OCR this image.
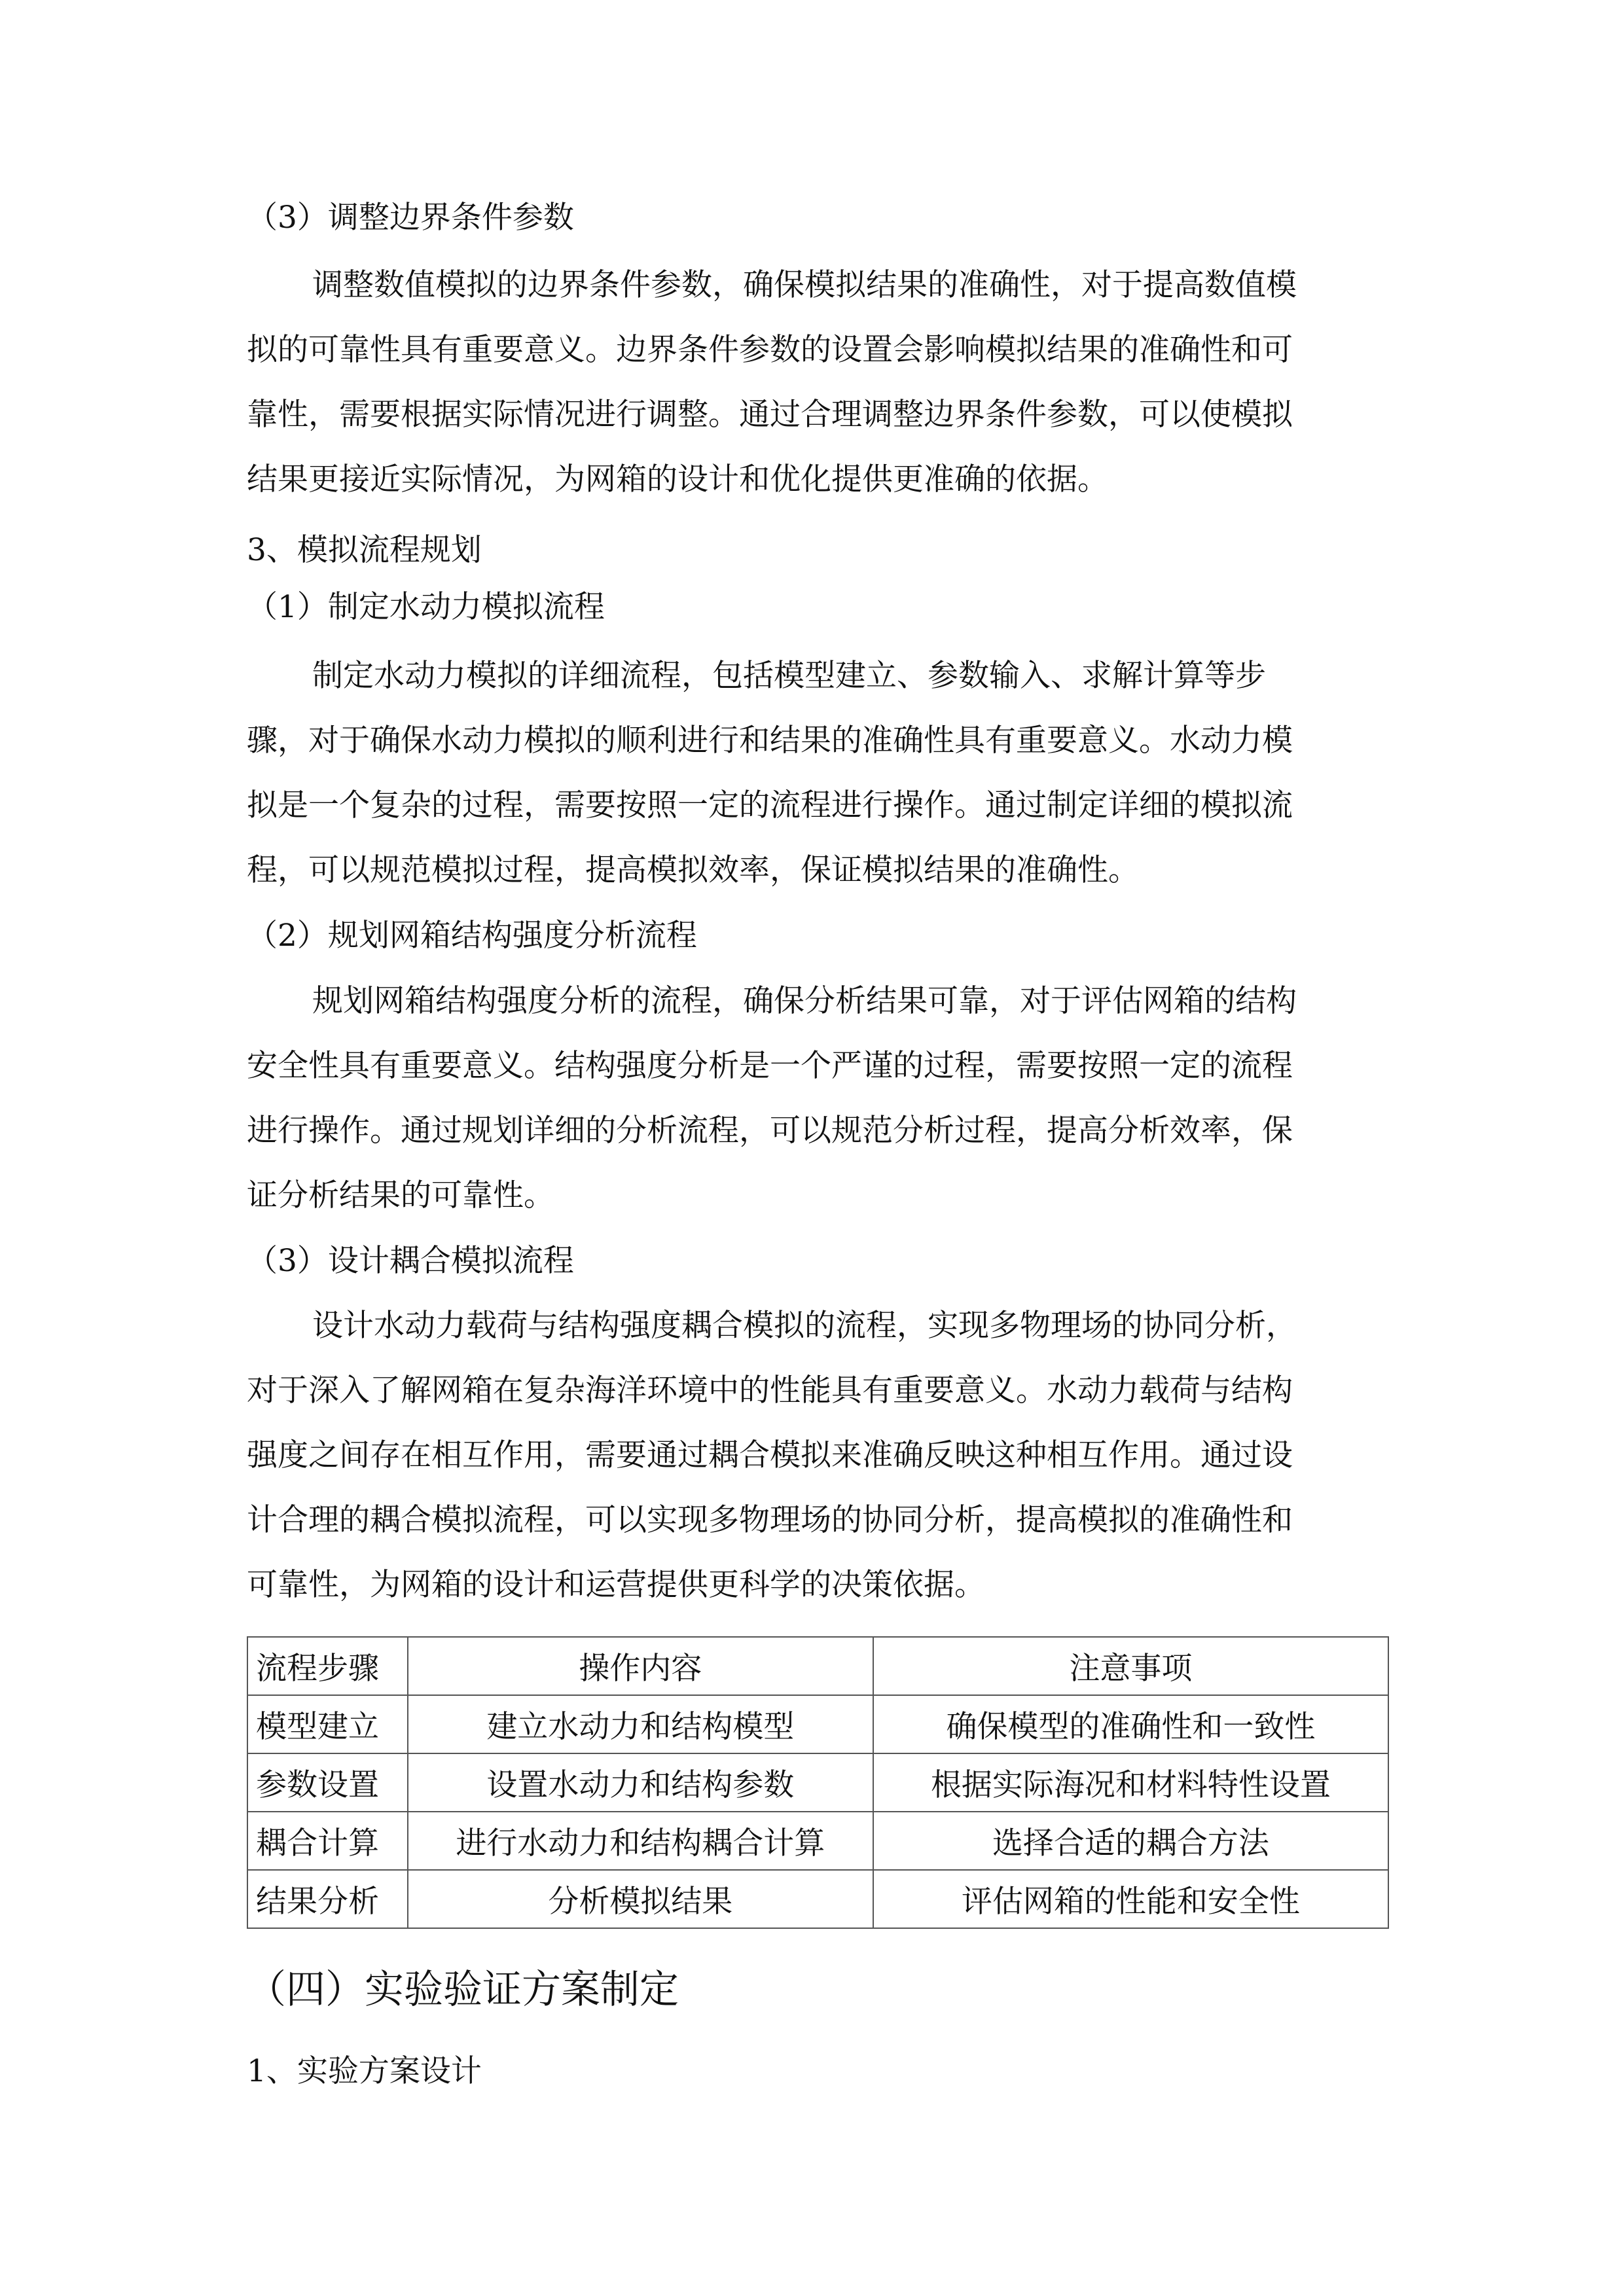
（3）调整边界条件参数

调整数值模拟的边界条件参数，确保模拟结果的准确性，对于提高数值模

拟的可靠性具有重要意义。边界条件参数的设置会影响模拟结果的准确性和可

靠性，需要根据实际情况进行调整。通过合理调整边界条件参数，可以使模拟

结果更接近实际情况，为网箱的设计和优化提供更准确的依据。

3、模拟流程规划

（1）制定水动力模拟流程

制定水动力模拟的详细流程，包括模型建立、参数输入、求解计算等步

骤，对于确保水动力模拟的顺利进行和结果的准确性具有重要意义。水动力模

拟是一个复杂的过程，需要按照一定的流程进行操作。通过制定详细的模拟流

程，可以规范模拟过程，提高模拟效率，保证模拟结果的准确性。

（2）规划网箱结构强度分析流程

规划网箱结构强度分析的流程，确保分析结果可靠，对于评估网箱的结构

安全性具有重要意义。结构强度分析是一个严谨的过程，需要按照一定的流程

进行操作。通过规划详细的分析流程，可以规范分析过程，提高分析效率，保

证分析结果的可靠性。

（3）设计耦合模拟流程

设计水动力载荷与结构强度耦合模拟的流程，实现多物理场的协同分析，

对于深入了解网箱在复杂海洋环境中的性能具有重要意义。水动力载荷与结构

强度之间存在相互作用，需要通过耦合模拟来准确反映这种相互作用。通过设

计合理的耦合模拟流程，可以实现多物理场的协同分析，提高模拟的准确性和

可靠性，为网箱的设计和运营提供更科学的决策依据。

流程步骤	操作内容	注意事项
模型建立	建立水动力和结构模型	确保模型的准确性和一致性
参数设置	设置水动力和结构参数	根据实际海况和材料特性设置
耦合计算	进行水动力和结构耦合计算	选择合适的耦合方法
结果分析	分析模拟结果	评估网箱的性能和安全性
（四）实验验证方案制定

1、实验方案设计
